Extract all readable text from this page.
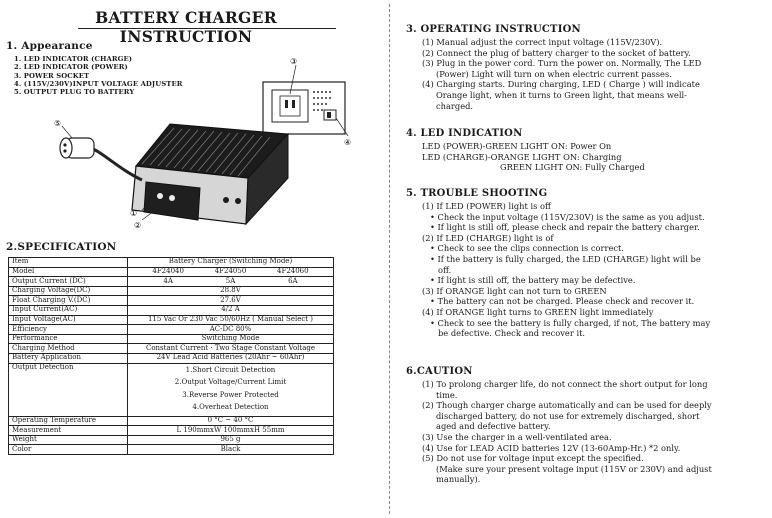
BATTERY CHARGER INSTRUCTION
1. Appearance
1. LED INDICATOR (CHARGE)
2. LED INDICATOR (POWER)
3. POWER SOCKET
4. (115V/230V)INPUT VOLTAGE ADJUSTER
5. OUTPUT PLUG TO BATTERY
③
④
⑤
①
②
2.SPECIFICATION
Item	Battery Charger (Switching Mode)
Model	4F24040 4F24050 4F24060

Output Current (DC)	4A 5A 6A

Charging Voltage(DC)	28.8V
Float Charging V.(DC)	27.6V
Input Current(AC)	4/2 A
Input Voltage(AC)	115 Vac Or 230 Vac 50/60Hz ( Manual Select )
Efficiency	AC-DC 80%
Performance	Switching Mode
Charging Method	Constant Current · Two Stage Constant Voltage
Battery Application	24V Lead Acid Batteries (20Ahr ~ 60Ahr)
Output Detection	1.Short Circuit Detection
2.Output Voltage∕Current Limit
3.Reverse Power Protected
4.Overheat Detection

Operating Temperature	0 °C ~ 40 °C
Measurement	L 190mmxW 100mmxH 55mm
Weight	965 g
Color	Black
3. OPERATING INSTRUCTION

(1) Manual adjust the correct input voltage (115V/230V).

(2) Connect the plug of battery charger to the socket of battery.

(3) Plug in the power cord. Turn the power on. Normally, The LED

(Power) Light will turn on when electric current passes.

(4) Charging starts. During charging, LED ( Charge ) will indicate

Orange light, when it turns to Green light, that means well-

charged.

4. LED INDICATION

LED (POWER)-GREEN LIGHT ON: Power On

LED (CHARGE)-ORANGE LIGHT ON: Charging

GREEN LIGHT ON: Fully Charged

5. TROUBLE SHOOTING

(1) If LED (POWER) light is off

• Check the input voltage (115V/230V) is the same as you adjust.

• If light is still off, please check and repair the battery charger.

(2) If LED (CHARGE) light is of

• Check to see the clips connection is correct.

• If the battery is fully charged, the LED (CHARGE) light will be

off.

• If light is still off, the battery may be defective.

(3) If ORANGE light can not turn to GREEN

• The battery can not be charged. Please check and recover it.

(4) If ORANGE light turns to GREEN light immediately

• Check to see the battery is fully charged, if not, The battery may

be defective. Check and recover it.

6.CAUTION

(1) To prolong charger life, do not connect the short output for long

time.

(2) Though charger charge automatically and can be used for deeply

discharged battery, do not use for extremely discharged, short

aged and defective battery.

(3) Use the charger in a well-ventilated area.

(4) Use for LEAD ACID batteries 12V (13-60Amp-Hr.) *2 only.

(5) Do not use for voltage input except the specified.

(Make sure your present voltage input (115V or 230V) and adjust

manually).
